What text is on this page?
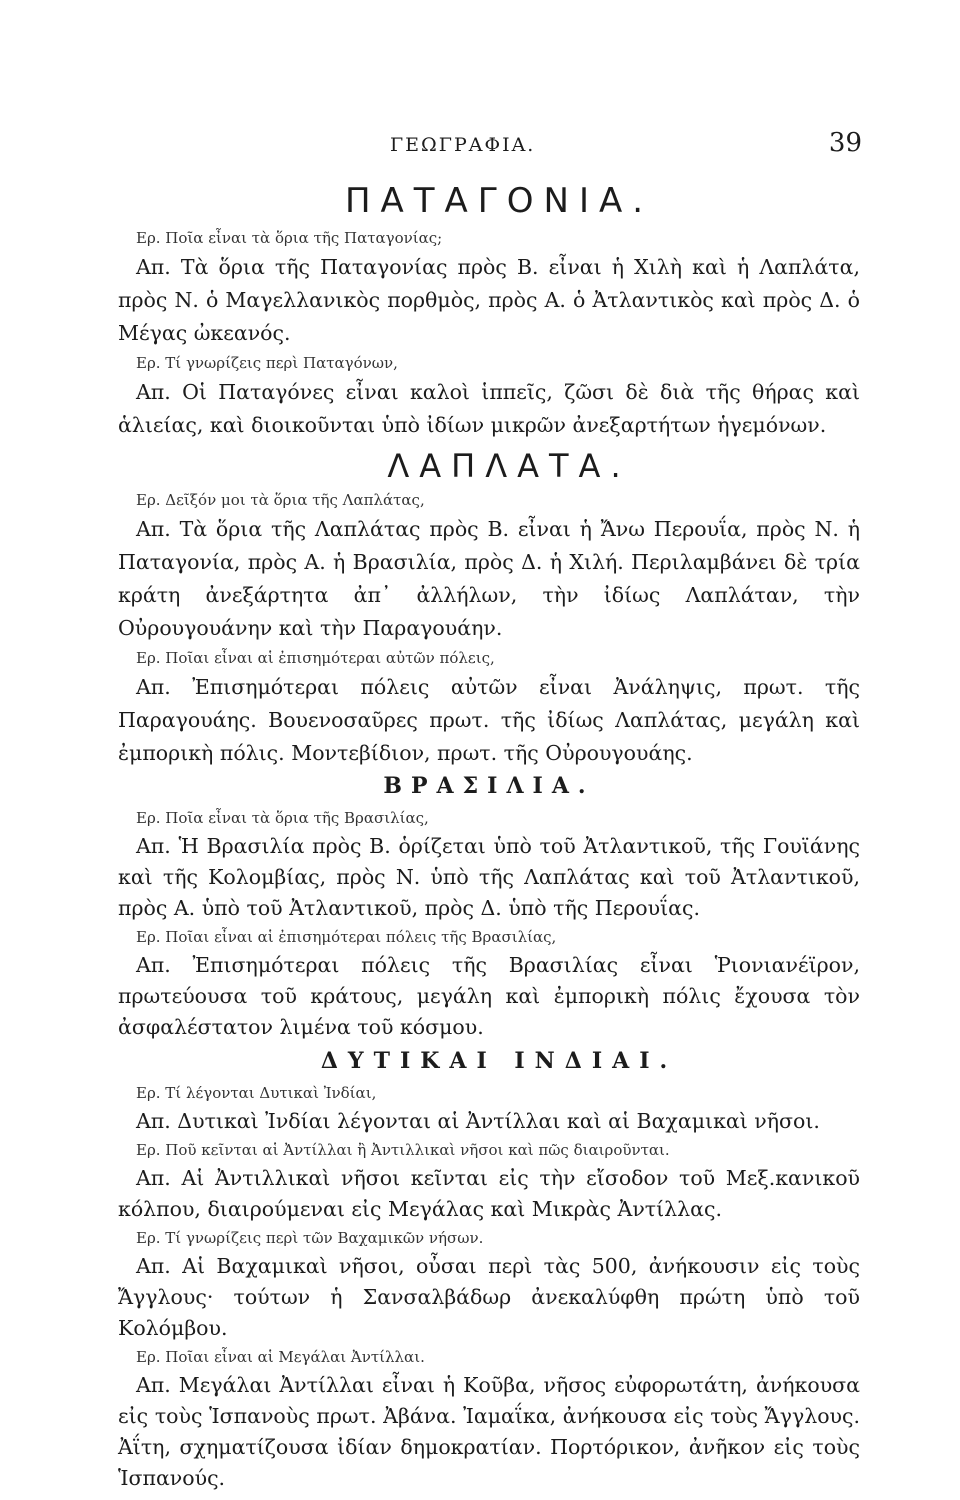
ΓΕΩΓΡΑΦΙΑ.	39
ΠΑΤΑΓΟΝΙΑ.

Ερ. Ποῖα εἶναι τὰ ὅρια τῆς Παταγονίας;

Απ. Τὰ ὅρια τῆς Παταγονίας πρὸς Β. εἶναι ἡ Χιλὴ καὶ ἡ Λαπλάτα, πρὸς Ν. ὁ Μαγελλανικὸς πορθμὸς, πρὸς Α. ὁ Ἀτλαντικὸς καὶ πρὸς Δ. ὁ Μέγας ὠκεανός.

Ερ. Τί γνωρίζεις περὶ Παταγόνων,

Απ. Οἱ Παταγόνες εἶναι καλοὶ ἱππεῖς, ζῶσι δὲ διὰ τῆς θήρας καὶ ἁλιείας, καὶ διοικοῦνται ὑπὸ ἰδίων μικρῶν ἀνεξαρτήτων ἡγεμόνων.

ΛΑΠΛΑΤΑ.

Ερ. Δεῖξόν μοι τὰ ὅρια τῆς Λαπλάτας,

Απ. Τὰ ὅρια τῆς Λαπλάτας πρὸς Β. εἶναι ἡ Ἄνω Περουΐα, πρὸς Ν. ἡ Παταγονία, πρὸς Α. ἡ Βρασιλία, πρὸς Δ. ἡ Χιλή. Περιλαμβάνει δὲ τρία κράτη ἀνεξάρτητα ἀπ᾽ ἀλλήλων, τὴν ἰδίως Λαπλάταν, τὴν Οὐρουγουάνην καὶ τὴν Παραγουάην.

Ερ. Ποῖαι εἶναι αἱ ἐπισημότεραι αὐτῶν πόλεις,

Απ. Ἐπισημότεραι πόλεις αὐτῶν εἶναι Ἀνάληψις, πρωτ. τῆς Παραγουάης. Βουενοσαῦρες πρωτ. τῆς ἰδίως Λαπλάτας, μεγάλη καὶ ἐμπορικὴ πόλις. Μοντεβίδιον, πρωτ. τῆς Οὐρουγουάης.

ΒΡΑΣΙΛΙΑ.

Ερ. Ποῖα εἶναι τὰ ὅρια τῆς Βρασιλίας,

Απ. Ἡ Βρασιλία πρὸς Β. ὁρίζεται ὑπὸ τοῦ Ἀτλαντικοῦ, τῆς Γουϊάνης καὶ τῆς Κολομβίας, πρὸς Ν. ὑπὸ τῆς Λαπλάτας καὶ τοῦ Ἀτλαντικοῦ, πρὸς Α. ὑπὸ τοῦ Ἀτλαντικοῦ, πρὸς Δ. ὑπὸ τῆς Περουΐας.

Ερ. Ποῖαι εἶναι αἱ ἐπισημότεραι πόλεις τῆς Βρασιλίας,

Απ. Ἐπισημότεραι πόλεις τῆς Βρασιλίας εἶναι Ῥιονιανέϊρον, πρωτεύουσα τοῦ κράτους, μεγάλη καὶ ἐμπορικὴ πόλις ἔχουσα τὸν ἀσφαλέστατον λιμένα τοῦ κόσμου.

ΔΥΤΙΚΑΙ ΙΝΔΙΑΙ.

Ερ. Τί λέγονται Δυτικαὶ Ἰνδίαι,

Απ. Δυτικαὶ Ἰνδίαι λέγονται αἱ Ἀντίλλαι καὶ αἱ Βαχαμικαὶ νῆσοι.

Ερ. Ποῦ κεῖνται αἱ Ἀντίλλαι ἢ Ἀντιλλικαὶ νῆσοι καὶ πῶς διαιροῦνται.

Απ. Αἱ Ἀντιλλικαὶ νῆσοι κεῖνται εἰς τὴν εἴσοδον τοῦ Μεξ.κανικοῦ κόλπου, διαιρούμεναι εἰς Μεγάλας καὶ Μικρὰς Ἀντίλλας.

Ερ. Τί γνωρίζεις περὶ τῶν Βαχαμικῶν νήσων.

Απ. Αἱ Βαχαμικαὶ νῆσοι, οὖσαι περὶ τὰς 500, ἀνήκουσιν εἰς τοὺς Ἄγγλους· τούτων ἡ Σανσαλβάδωρ ἀνεκαλύφθη πρώτη ὑπὸ τοῦ Κολόμβου.

Ερ. Ποῖαι εἶναι αἱ Μεγάλαι Ἀντίλλαι.

Απ. Μεγάλαι Ἀντίλλαι εἶναι ἡ Κοῦβα, νῆσος εὐφορωτάτη, ἀνήκουσα εἰς τοὺς Ἱσπανοὺς πρωτ. Ἀβάνα. Ἰαμαΐκα, ἀνήκουσα εἰς τοὺς Ἄγγλους. Ἀΐτη, σχηματίζουσα ἰδίαν δημοκρατίαν. Πορτόρικον, ἀνῆκον εἰς τοὺς Ἱσπανούς.
